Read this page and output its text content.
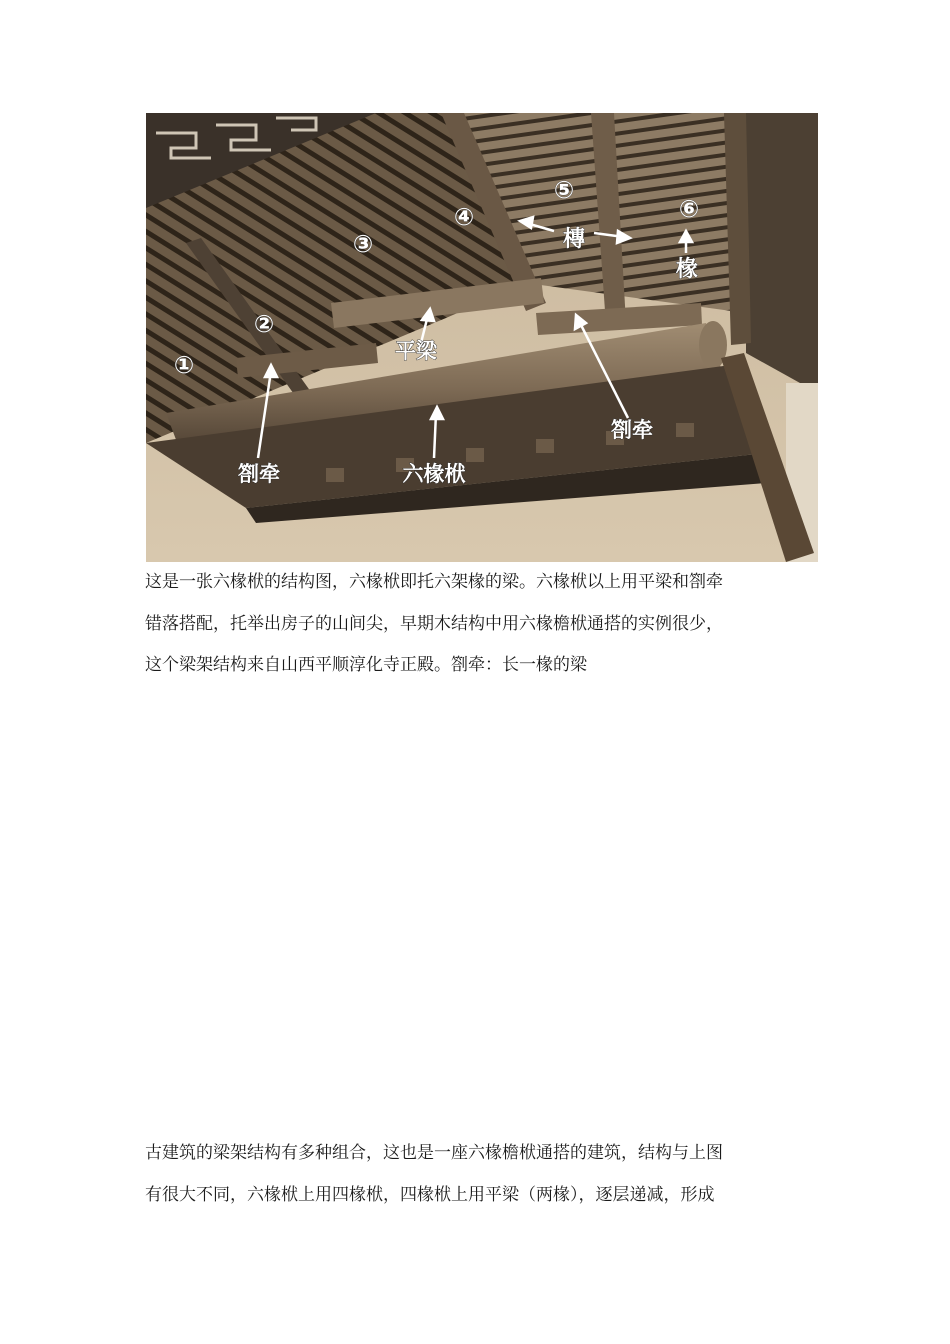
①
②
③
④
⑤
⑥
槫
椽
平梁
劄牵
劄牵
六椽栿

这是一张六椽栿的结构图，六椽栿即托六架椽的梁。六椽栿以上用平梁和劄牵
错落搭配，托举出房子的山间尖，早期木结构中用六椽檐栿通搭的实例很少，
这个梁架结构来自山西平顺淳化寺正殿。劄牵：长一椽的梁

古建筑的梁架结构有多种组合，这也是一座六椽檐栿通搭的建筑，结构与上图
有很大不同，六椽栿上用四椽栿，四椽栿上用平梁（两椽），逐层递减，形成
